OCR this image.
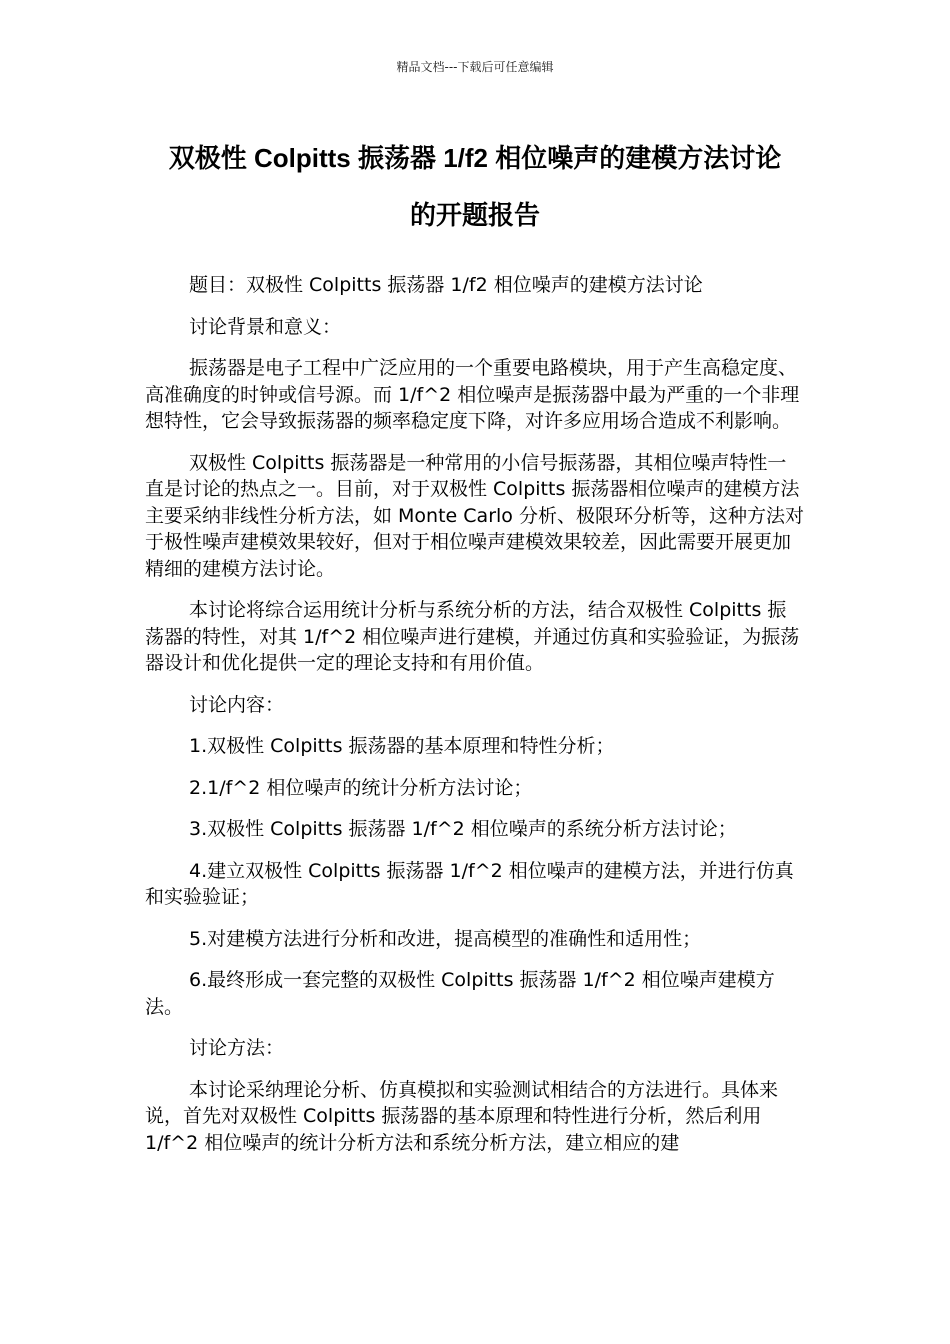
精品文档---下载后可任意编辑
双极性 Colpitts 振荡器 1/f2 相位噪声的建模方法讨论
的开题报告

题目：双极性 Colpitts 振荡器 1/f2 相位噪声的建模方法讨论

讨论背景和意义：

振荡器是电子工程中广泛应用的一个重要电路模块，用于产生高稳定度、高准确度的时钟或信号源。而 1/f^2 相位噪声是振荡器中最为严重的一个非理想特性，它会导致振荡器的频率稳定度下降，对许多应用场合造成不利影响。

双极性 Colpitts 振荡器是一种常用的小信号振荡器，其相位噪声特性一直是讨论的热点之一。目前，对于双极性 Colpitts 振荡器相位噪声的建模方法主要采纳非线性分析方法，如 Monte Carlo 分析、极限环分析等，这种方法对于极性噪声建模效果较好，但对于相位噪声建模效果较差，因此需要开展更加精细的建模方法讨论。

本讨论将综合运用统计分析与系统分析的方法，结合双极性 Colpitts 振荡器的特性，对其 1/f^2 相位噪声进行建模，并通过仿真和实验验证，为振荡器设计和优化提供一定的理论支持和有用价值。

讨论内容：

1.双极性 Colpitts 振荡器的基本原理和特性分析；

2.1/f^2 相位噪声的统计分析方法讨论；

3.双极性 Colpitts 振荡器 1/f^2 相位噪声的系统分析方法讨论；

4.建立双极性 Colpitts 振荡器 1/f^2 相位噪声的建模方法，并进行仿真和实验验证；

5.对建模方法进行分析和改进，提高模型的准确性和适用性；

6.最终形成一套完整的双极性 Colpitts 振荡器 1/f^2 相位噪声建模方法。

讨论方法：

本讨论采纳理论分析、仿真模拟和实验测试相结合的方法进行。具体来说，首先对双极性 Colpitts 振荡器的基本原理和特性进行分析，然后利用 1/f^2 相位噪声的统计分析方法和系统分析方法，建立相应的建
